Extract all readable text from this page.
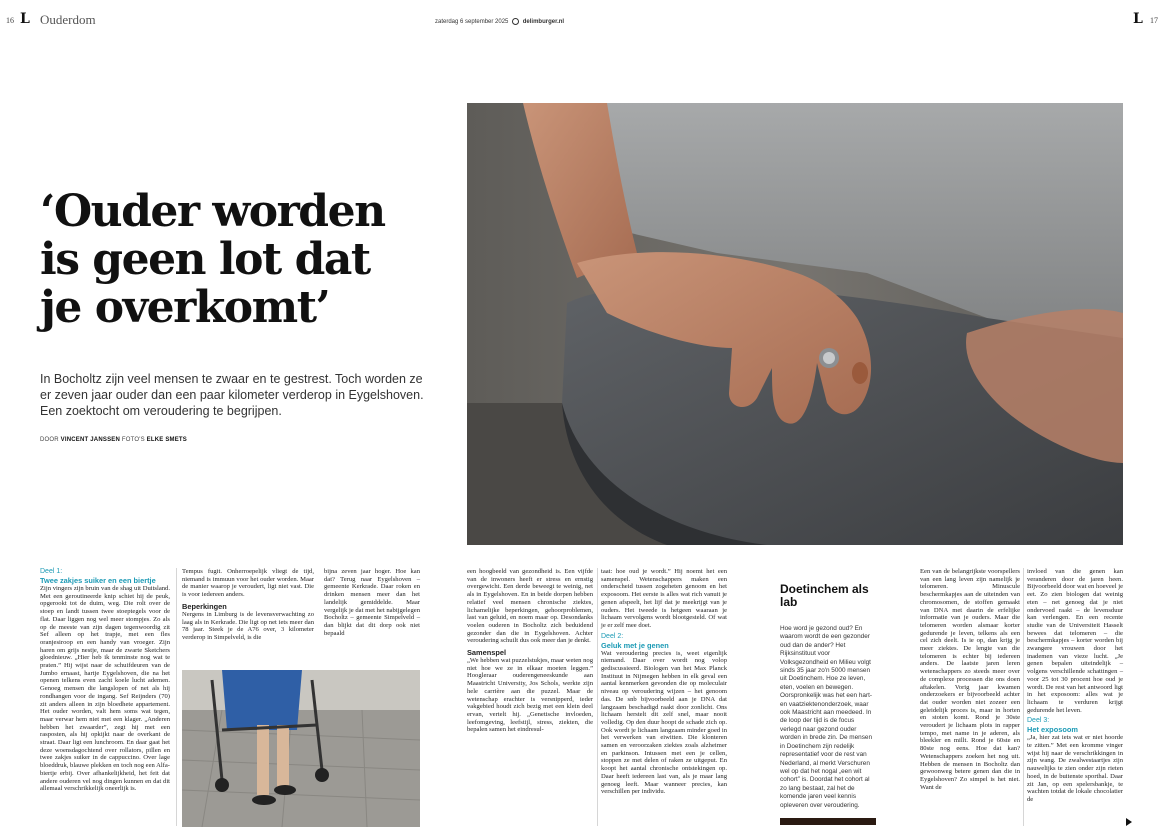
16 L Ouderdom	zaterdag 6 september 2025 delimburger.nl	L 17
‘Ouder worden
is geen lot dat
je overkomt’
In Bocholtz zijn veel mensen te zwaar en te gestrest. Toch worden ze er zeven jaar ouder dan een paar kilometer verderop in Eygelshoven. Een zoektocht om veroudering te begrijpen.
DOOR VINCENT JANSSEN FOTO'S ELKE SMETS

Deel 1:

Twee zakjes suiker en een biertje

Zijn vingers zijn bruin van de shag uit Duitsland. Met een geroutineerde knip schiet hij de peuk, opgerookt tot de duim, weg. Die rolt over de stoep en landt tussen twee stoeptegels voor de flat. Daar liggen nog wel meer stompjes. Zo als op de meeste van zijn dagen tegenwoordig zit Sef alleen op het trapje, met een fles oranjesiroop en een handy van vroeger. Zijn haren om grijs nestje, maar de zwarte Sketchers gloednieuw. „Hier heb ik tenminste nog wat te praten.” Hij wijst naar de schuifdeuren van de Jumbo ernaast, hartje Eygelshoven, die na het openen telkens even zacht koele lucht ademen. Genoeg mensen die langslopen of net als hij rondhangen voor de ingang. Sef Reijnders (70) zit anders alleen in zijn bloedhete appartement. Het ouder worden, valt hem soms wat tegen, maar verwar hem niet met een klager. „Anderen hebben het zwaarder”, zegt hij met een rasposten, als hij opkijkt naar de overkant de straat. Daar ligt een lunchroom. En daar gaat het deze woensdagochtend over rollators, pillen en twee zakjes suiker in de cappuccino. Over lage bloeddruk, blauwe plekken en toch nog een Alfa-biertje erbij. Over afhankelijkheid, het feit dat andere ouderen vel nog dingen kunnen en dat dit allemaal verschrikkelijk oneerlijk is.

Tempus fugit. Onherroepelijk vliegt de tijd, niemand is immuun voor het ouder worden. Maar de manier waarop je veroudert, ligt niet vast. Die is voor iedereen anders.

Beperkingen

Nergens in Limburg is de levensverwachting zo laag als in Kerkrade. Die ligt op net iets meer dan 78 jaar. Steek je de A76 over, 3 kilometer verderop in Simpelveld, is die

bijna zeven jaar hoger. Hoe kan dat? Terug naar Eygelshoven – gemeente Kerkrade. Daar roken en drinken mensen meer dan het landelijk gemiddelde. Maar vergelijk je dat met het nabijgelegen Bocholtz – gemeente Simpelveld – dan blijkt dat dit dorp ook niet bepaald

een hoogbeeld van gezondheid is. Een vijfde van de inwoners heeft er stress en ernstig overgewicht. Een derde beweegt te weinig, net als in Eygelshoven. En in beide dorpen hebben relatief veel mensen chronische ziektes, lichamelijke beperkingen, gehoorproblemen, last van geluid, en noem maar op. Desondanks voelen ouderen in Bocholtz zich beduidend gezonder dan die in Eygelshoven. Achter veroudering schuilt dus ook meer dan je denkt.

Samenspel

„We hebben wat puzzelstukjes, maar weten nog niet hoe we ze in elkaar moeten leggen.” Hoogleraar ouderengeneeskunde aan Maastricht University, Jos Schols, werkte zijn hele carrière aan die puzzel. Maar de wetenschap erachter is versnipperd, ieder vakgebied houdt zich bezig met een klein deel ervan, vertelt hij. „Genetische invloeden, leefomgeving, leefstijl, stress, ziekten, die bepalen samen het eindresul-

taat: hoe oud je wordt.” Hij noemt het een samenspel. Wetenschappers maken een onderscheid tussen zogeheten genoom en het exposoom. Het eerste is alles wat rich vanuit je genen afspeelt, het lijf dat je meekrijgt van je ouders. Het tweede is hetgeen waaraan je lichaam vervolgens wordt blootgesteld. Of wat je er zelf mee doet.

Deel 2:

Geluk met je genen

Wat veroudering precies is, weet eigenlijk niemand. Daar over wordt nog volop gediscussieerd. Biologen van het Max Planck Instituut in Nijmegen hebben in elk geval een aantal kenmerken gevonden die op moleculair niveau op veroudering wijzen – het genoom das. De snb bijvoorbeeld aan je DNA dat langzaam beschadigd raakt door zonlicht. Ons lichaam herstelt dit zelf snel, maar nooit volledig. Op den duur hoopt de schade zich op. Ook wordt je lichaam langzaam minder goed in het verwerken van eiwitten. Die klonteren samen en veroorzaken ziektes zoals alzheimer en parkinson. Intussen met een je cellen, stoppen ze met delen of raken ze uitgeput. En koopt het aantal chronische ontstekingen op. Daar heeft iedereen last van, als je maar lang genoeg leeft. Maar wanneer precies, kan verschillen per individu.

Doetinchem als lab
Hoe word je gezond oud? En waarom wordt de een gezonder oud dan de ander? Het Rijksinstituut voor Volksgezondheid en Milieu volgt sinds 35 jaar zo'n 5000 mensen uit Doetinchem. Hoe ze leven, eten, voelen en bewegen. Oorspronkelijk was het een hart- en vaatziektenonderzoek, waar ook Maastricht aan meedeed. In de loop der tijd is de focus verlegd naar gezond ouder worden in brede zin. De mensen in Doetinchem zijn redelijk representatief voor de rest van Nederland, al merkt Verschuren wel op dat het nogal „een wit cohort” is. Doordat het cohort al zo lang bestaat, zal het de komende jaren veel kennis opleveren over veroudering.

Een van de belangrijkste voorspellers van een lang leven zijn namelijk je telomeren. Minuscule beschermkapjes aan de uiteinden van chromosomen, de stoffen gemaakt van DNA met daarin de erfelijke informatie van je ouders. Maar die telomeren worden alsmaar korter gedurende je leven, telkens als een cel zich deelt. Is ie op, dan krijg je meer ziektes. De lengte van die telomeren is echter bij iedereen anders. De laatste jaren leren wetenschappers zo steeds meer over de complexe processen die ons doen aftakelen. Vorig jaar kwamen onderzoekers er bijvoorbeeld achter dat ouder worden niet zozeer een geleidelijk proces is, maar in horten en stoten komt. Rond je 30ste veroudert je lichaam plots in rapper tempo, met name in je aderen, als bleekler en millt. Rond je 60ste en 80ste nog eens. Hoe dat kan? Wetenschappers zoeken het nog uit. Hebben de mensen in Bocholtz dan gewoonweg betere genen dan die in Eygelshoven? Zo simpel is het niet. Want de

invloed van die genen kan veranderen door de jaren heen. Bijvoorbeeld door wat en hoeveel je eet. Zo zien biologen dat weinig eten – net genoeg dat je niet ondervoed raakt – de levensduur kan verlengen. En een recente studie van de Universiteit Hasselt bewees dat telomeren – die beschermkapjes – korter worden bij zwangere vrouwen door het inademen van vieze lucht. „Je genen bepalen uiteindelijk – volgens verschillende schattingen – voor 25 tot 30 procent hoe oud je wordt. De rest van het antwoord ligt in het exposoom: alles wat je lichaam te verduren krijgt gedurende het leven.

Deel 3:

Het exposoom

„Ja, hier zat iets wat er niet hoorde te zitten.” Met een kromme vinger wijst hij naar de verschrikkingen in zijn wang. De zwalwestaartjes zijn nauwelijks te zien onder zijn rieten hoed, in de buitenste sporthal. Daar zit Jan, op een spelersbankje, te wachten totdat de lokale chocolatier de
